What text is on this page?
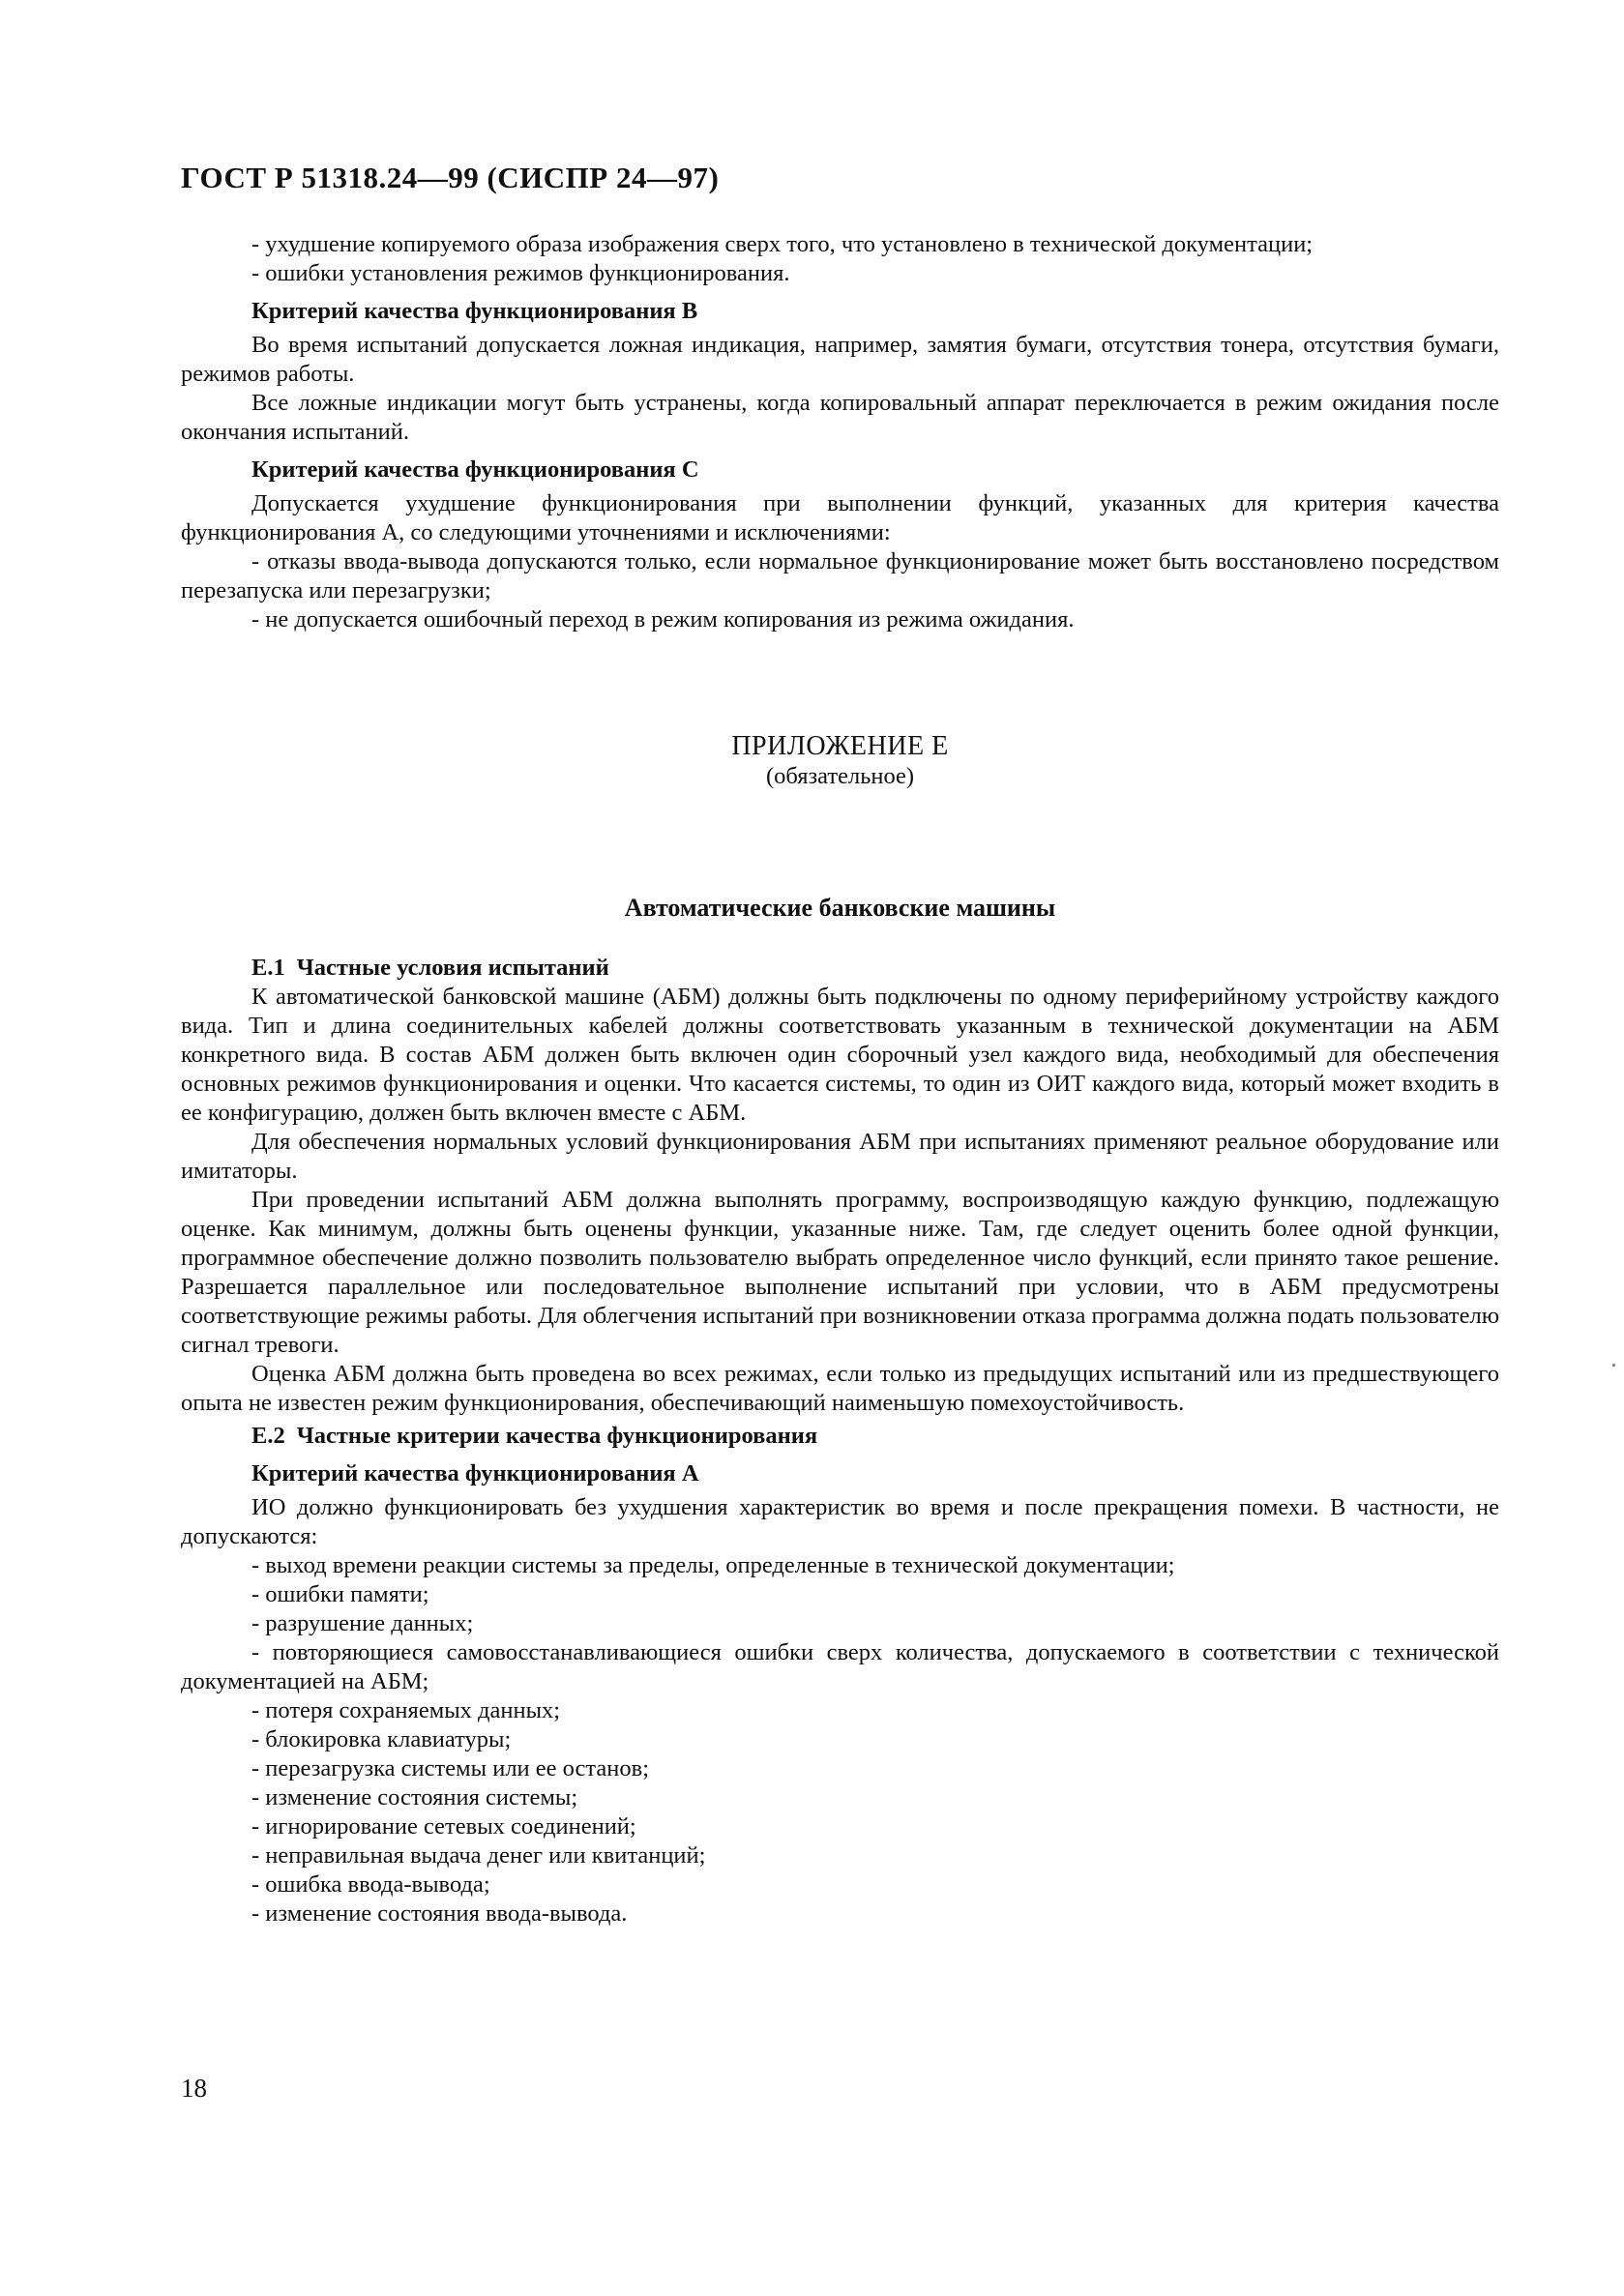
ГОСТ Р 51318.24—99 (СИСПР 24—97)

- ухудшение копируемого образа изображения сверх того, что установлено в технической документации;

- ошибки установления режимов функционирования.

Критерий качества функционирования В

Во время испытаний допускается ложная индикация, например, замятия бумаги, отсутствия тонера, отсутствия бумаги, режимов работы.

Все ложные индикации могут быть устранены, когда копировальный аппарат переключается в режим ожидания после окончания испытаний.

Критерий качества функционирования С

Допускается ухудшение функционирования при выполнении функций, указанных для критерия качества функционирования А, со следующими уточнениями и исключениями:

- отказы ввода-вывода допускаются только, если нормальное функционирование может быть восстановлено посредством перезапуска или перезагрузки;

- не допускается ошибочный переход в режим копирования из режима ожидания.

ПРИЛОЖЕНИЕ Е

(обязательное)

Автоматические банковские машины

Е.1 Частные условия испытаний

К автоматической банковской машине (АБМ) должны быть подключены по одному периферийному устройству каждого вида. Тип и длина соединительных кабелей должны соответствовать указанным в технической документации на АБМ конкретного вида. В состав АБМ должен быть включен один сборочный узел каждого вида, необходимый для обеспечения основных режимов функционирования и оценки. Что касается системы, то один из ОИТ каждого вида, который может входить в ее конфигурацию, должен быть включен вместе с АБМ.

Для обеспечения нормальных условий функционирования АБМ при испытаниях применяют реальное оборудование или имитаторы.

При проведении испытаний АБМ должна выполнять программу, воспроизводящую каждую функцию, подлежащую оценке. Как минимум, должны быть оценены функции, указанные ниже. Там, где следует оценить более одной функции, программное обеспечение должно позволить пользователю выбрать определенное число функций, если принято такое решение. Разрешается параллельное или последовательное выполнение испытаний при условии, что в АБМ предусмотрены соответствующие режимы работы. Для облегчения испытаний при возникновении отказа программа должна подать пользователю сигнал тревоги.

Оценка АБМ должна быть проведена во всех режимах, если только из предыдущих испытаний или из предшествующего опыта не известен режим функционирования, обеспечивающий наименьшую помехоустойчивость.

Е.2 Частные критерии качества функционирования

Критерий качества функционирования А

ИО должно функционировать без ухудшения характеристик во время и после прекращения помехи. В частности, не допускаются:

- выход времени реакции системы за пределы, определенные в технической документации;

- ошибки памяти;

- разрушение данных;

- повторяющиеся самовосстанавливающиеся ошибки сверх количества, допускаемого в соответствии с технической документацией на АБМ;

- потеря сохраняемых данных;

- блокировка клавиатуры;

- перезагрузка системы или ее останов;

- изменение состояния системы;

- игнорирование сетевых соединений;

- неправильная выдача денег или квитанций;

- ошибка ввода-вывода;

- изменение состояния ввода-вывода.

18
